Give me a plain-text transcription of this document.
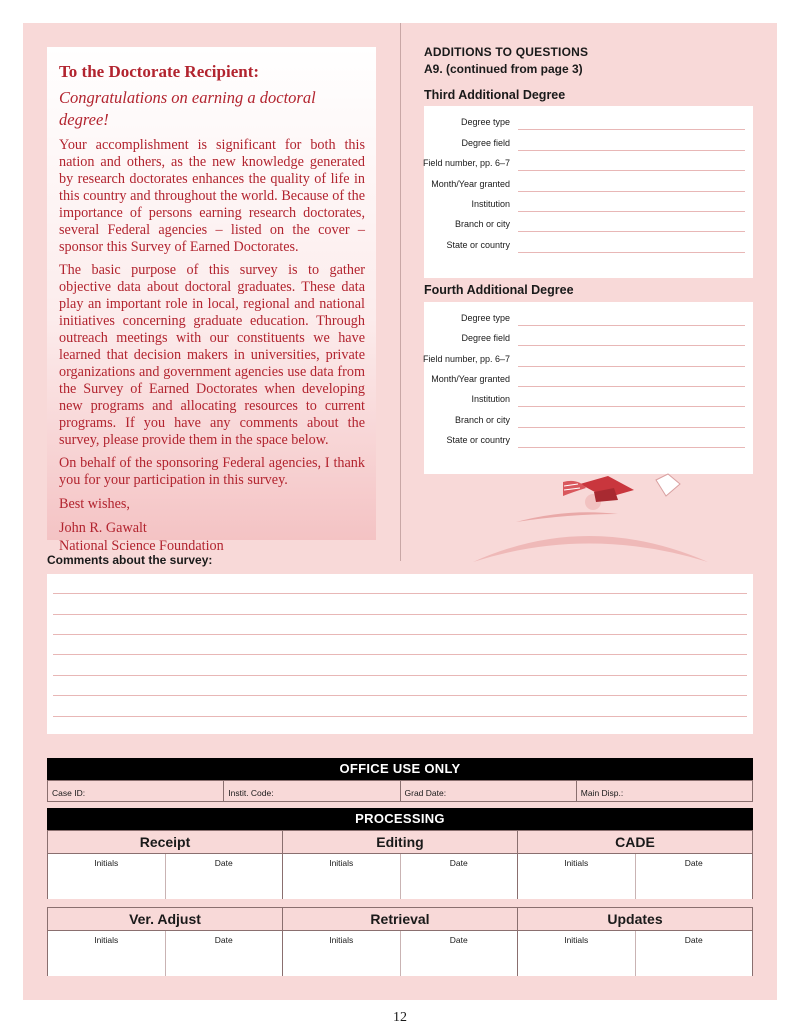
To the Doctorate Recipient:
Congratulations on earning a doctoral degree!

Your accomplishment is significant for both this nation and others, as the new knowledge generated by research doctorates enhances the quality of life in this country and throughout the world. Because of the importance of persons earning research doctorates, several Federal agencies – listed on the cover – sponsor this Survey of Earned Doctorates.

The basic purpose of this survey is to gather objective data about doctoral graduates. These data play an important role in local, regional and national initiatives concerning graduate education. Through outreach meetings with our constituents we have learned that decision makers in universities, private organizations and government agencies use data from the Survey of Earned Doctorates when developing new programs and allocating resources to current programs. If you have any comments about the survey, please provide them in the space below.

On behalf of the sponsoring Federal agencies, I thank you for your participation in this survey.

Best wishes,
John R. Gawalt
National Science Foundation
ADDITIONS TO QUESTIONS
A9. (continued from page 3)
Third Additional Degree
Degree type
Degree field
Field number, pp. 6–7
Month/Year granted
Institution
Branch or city
State or country
Fourth Additional Degree
Degree type
Degree field
Field number, pp. 6–7
Month/Year granted
Institution
Branch or city
State or country
Comments about the survey:
OFFICE USE ONLY
Case ID:	Instit. Code:	Grad Date:	Main Disp.:
PROCESSING
Receipt	Editing	CADE
Initials	Date	Initials	Date	Initials	Date
Ver. Adjust	Retrieval	Updates
Initials	Date	Initials	Date	Initials	Date
12
